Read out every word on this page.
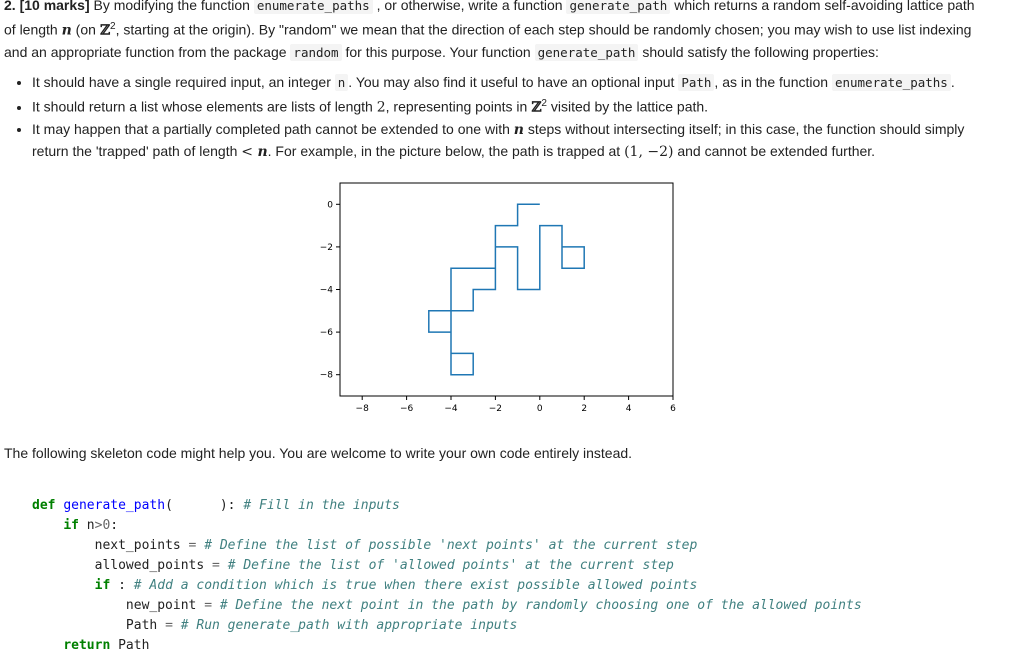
2. [10 marks] By modifying the function enumerate_paths , or otherwise, write a function generate_path which returns a random self-avoiding lattice path
of length n (on ℤ$^2$, starting at the origin). By "random" we mean that the direction of each step should be randomly chosen; you may wish to use list indexing
and an appropriate function from the package random for this purpose. Your function generate_path should satisfy the following properties:
• It should have a single required input, an integer n . You may also find it useful to have an optional input Path , as in the function enumerate_paths .
• It should return a list whose elements are lists of length 2, representing points in ℤ$^2$ visited by the lattice path.
• It may happen that a partially completed path cannot be extended to one with n steps without intersecting itself; in this case, the function should simply
return the 'trapped' path of length < n. For example, in the picture below, the path is trapped at (1, −2) and cannot be extended further.
−8	−6	−4	−2	0	2	4	6
0
−2
−4
−6
−8
The following skeleton code might help you. You are welcome to write your own code entirely instead.
def generate_path(	): # Fill in the inputs
if n>0:
next_points = # Define the list of possible 'next points' at the current step
allowed_points = # Define the list of 'allowed points' at the current step
if : # Add a condition which is true when there exist possible allowed points
new_point = # Define the next point in the path by randomly choosing one of the allowed points
Path = # Run generate_path with appropriate inputs
return Path
